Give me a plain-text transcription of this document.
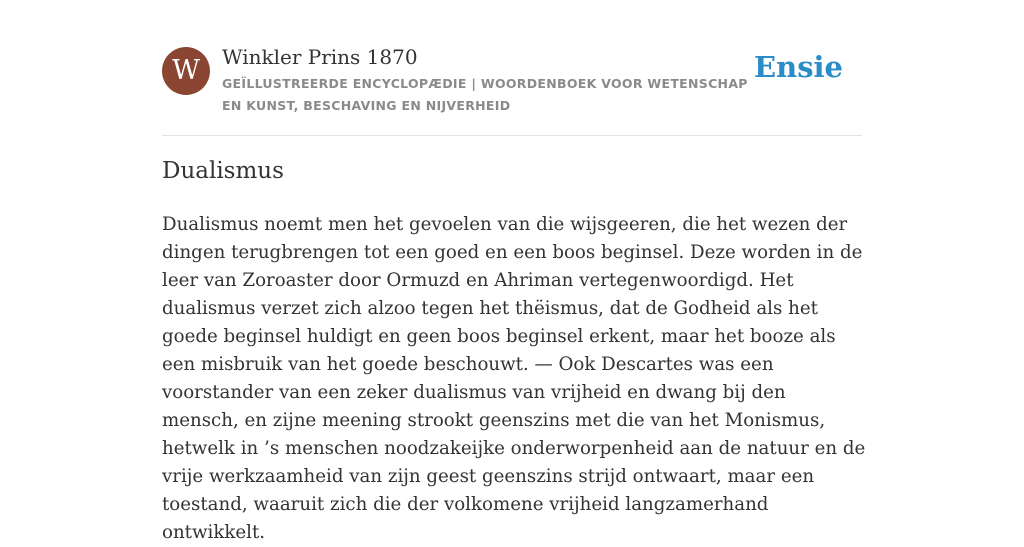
W	Winkler Prins 1870
GEÏLLUSTREERDE ENCYCLOPÆDIE | WOORDENBOEK VOOR WETENSCHAP EN KUNST, BESCHAVING EN NIJVERHEID
Ensie
Dualismus

Dualismus noemt men het gevoelen van die wijsgeeren, die het wezen der dingen terugbrengen tot een goed en een boos beginsel. Deze worden in de leer van Zoroaster door Ormuzd en Ahriman vertegenwoordigd. Het dualismus verzet zich alzoo tegen het thëismus, dat de Godheid als het goede beginsel huldigt en geen boos beginsel erkent, maar het booze als een misbruik van het goede beschouwt. — Ook Descartes was een voorstander van een zeker dualismus van vrijheid en dwang bij den mensch, en zijne meening strookt geenszins met die van het Monismus, hetwelk in ’s menschen noodzakeijke onderworpenheid aan de natuur en de vrije werkzaamheid van zijn geest geenszins strijd ontwaart, maar een toestand, waaruit zich die der volkomene vrijheid langzamerhand ontwikkelt.
